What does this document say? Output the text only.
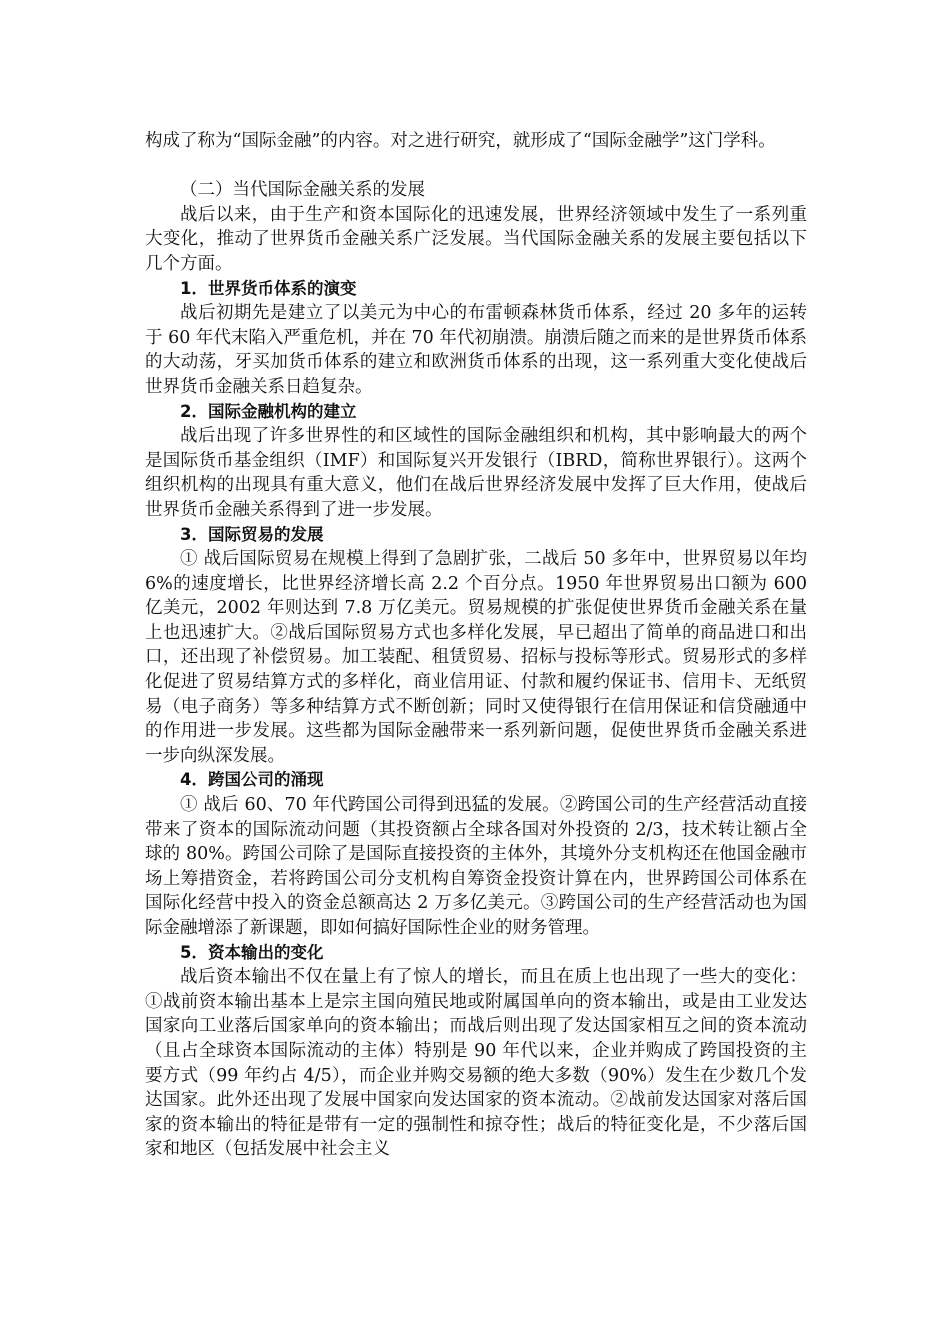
构成了称为“国际金融”的内容。对之进行研究，就形成了“国际金融学”这门学科。

（二）当代国际金融关系的发展

战后以来，由于生产和资本国际化的迅速发展，世界经济领域中发生了一系列重大变化，推动了世界货币金融关系广泛发展。当代国际金融关系的发展主要包括以下几个方面。

1．世界货币体系的演变

战后初期先是建立了以美元为中心的布雷顿森林货币体系，经过 20 多年的运转于 60 年代末陷入严重危机，并在 70 年代初崩溃。崩溃后随之而来的是世界货币体系的大动荡，牙买加货币体系的建立和欧洲货币体系的出现，这一系列重大变化使战后世界货币金融关系日趋复杂。

2．国际金融机构的建立

战后出现了许多世界性的和区域性的国际金融组织和机构，其中影响最大的两个是国际货币基金组织（IMF）和国际复兴开发银行（IBRD，简称世界银行）。这两个组织机构的出现具有重大意义，他们在战后世界经济发展中发挥了巨大作用，使战后世界货币金融关系得到了进一步发展。

3．国际贸易的发展

① 战后国际贸易在规模上得到了急剧扩张，二战后 50 多年中，世界贸易以年均 6%的速度增长，比世界经济增长高 2.2 个百分点。1950 年世界贸易出口额为 600 亿美元，2002 年则达到 7.8 万亿美元。贸易规模的扩张促使世界货币金融关系在量上也迅速扩大。②战后国际贸易方式也多样化发展，早已超出了简单的商品进口和出口，还出现了补偿贸易。加工装配、租赁贸易、招标与投标等形式。贸易形式的多样化促进了贸易结算方式的多样化，商业信用证、付款和履约保证书、信用卡、无纸贸易（电子商务）等多种结算方式不断创新；同时又使得银行在信用保证和信贷融通中的作用进一步发展。这些都为国际金融带来一系列新问题，促使世界货币金融关系进一步向纵深发展。

4．跨国公司的涌现

① 战后 60、70 年代跨国公司得到迅猛的发展。②跨国公司的生产经营活动直接带来了资本的国际流动问题（其投资额占全球各国对外投资的 2/3，技术转让额占全球的 80%。跨国公司除了是国际直接投资的主体外，其境外分支机构还在他国金融市场上筹措资金，若将跨国公司分支机构自筹资金投资计算在内，世界跨国公司体系在国际化经营中投入的资金总额高达 2 万多亿美元。③跨国公司的生产经营活动也为国际金融增添了新课题，即如何搞好国际性企业的财务管理。

5．资本输出的变化

战后资本输出不仅在量上有了惊人的增长，而且在质上也出现了一些大的变化：①战前资本输出基本上是宗主国向殖民地或附属国单向的资本输出，或是由工业发达国家向工业落后国家单向的资本输出；而战后则出现了发达国家相互之间的资本流动（且占全球资本国际流动的主体）特别是 90 年代以来，企业并购成了跨国投资的主要方式（99 年约占 4/5），而企业并购交易额的绝大多数（90%）发生在少数几个发达国家。此外还出现了发展中国家向发达国家的资本流动。②战前发达国家对落后国家的资本输出的特征是带有一定的强制性和掠夺性；战后的特征变化是，不少落后国家和地区（包括发展中社会主义
